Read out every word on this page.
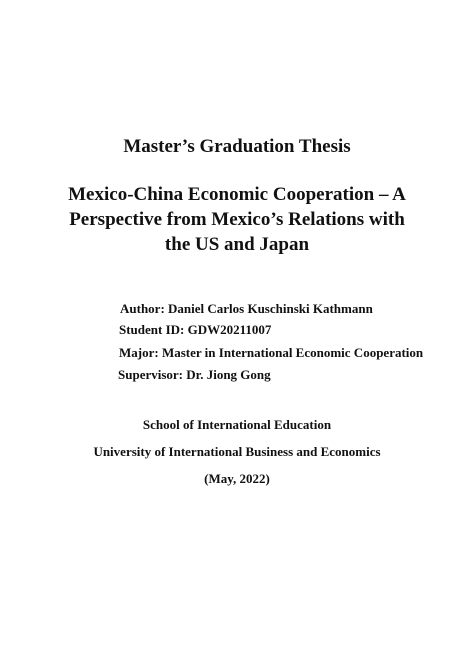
Master’s Graduation Thesis
Mexico-China Economic Cooperation – A
Perspective from Mexico’s Relations with
the US and Japan
Author: Daniel Carlos Kuschinski Kathmann
Student ID: GDW20211007
Major: Master in International Economic Cooperation
Supervisor: Dr. Jiong Gong
School of International Education
University of International Business and Economics
(May, 2022)
